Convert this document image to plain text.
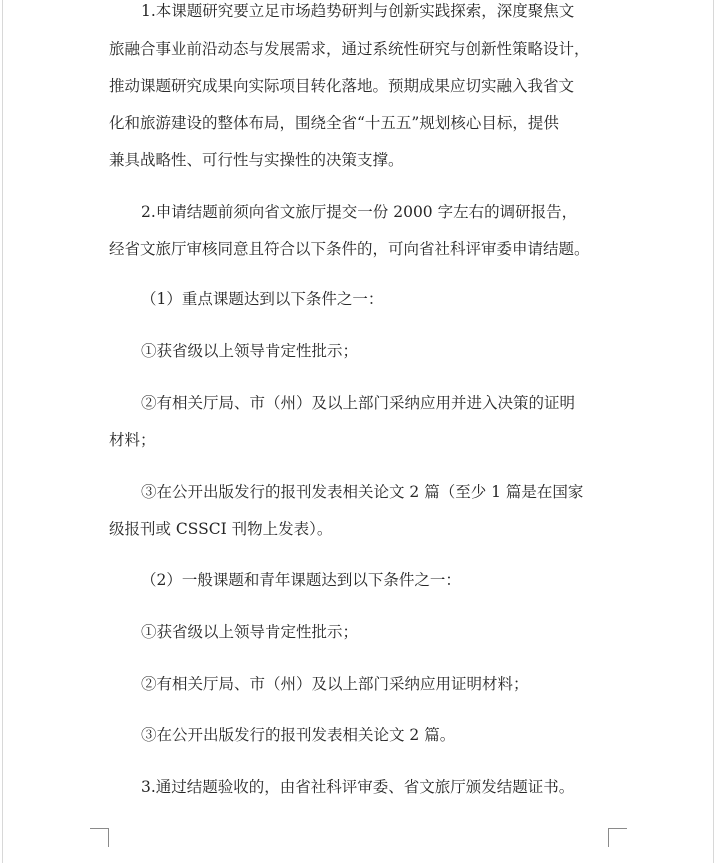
1.本课题研究要立足市场趋势研判与创新实践探索，深度聚焦文
旅融合事业前沿动态与发展需求，通过系统性研究与创新性策略设计，
推动课题研究成果向实际项目转化落地。预期成果应切实融入我省文
化和旅游建设的整体布局，围绕全省“十五五”规划核心目标，提供
兼具战略性、可行性与实操性的决策支撑。
2.申请结题前须向省文旅厅提交一份 2000 字左右的调研报告，
经省文旅厅审核同意且符合以下条件的，可向省社科评审委申请结题。
（1）重点课题达到以下条件之一：
①获省级以上领导肯定性批示；
②有相关厅局、市（州）及以上部门采纳应用并进入决策的证明
材料；
③在公开出版发行的报刊发表相关论文 2 篇（至少 1 篇是在国家
级报刊或 CSSCI 刊物上发表）。
（2）一般课题和青年课题达到以下条件之一：
①获省级以上领导肯定性批示；
②有相关厅局、市（州）及以上部门采纳应用证明材料；
③在公开出版发行的报刊发表相关论文 2 篇。
3.通过结题验收的，由省社科评审委、省文旅厅颁发结题证书。
